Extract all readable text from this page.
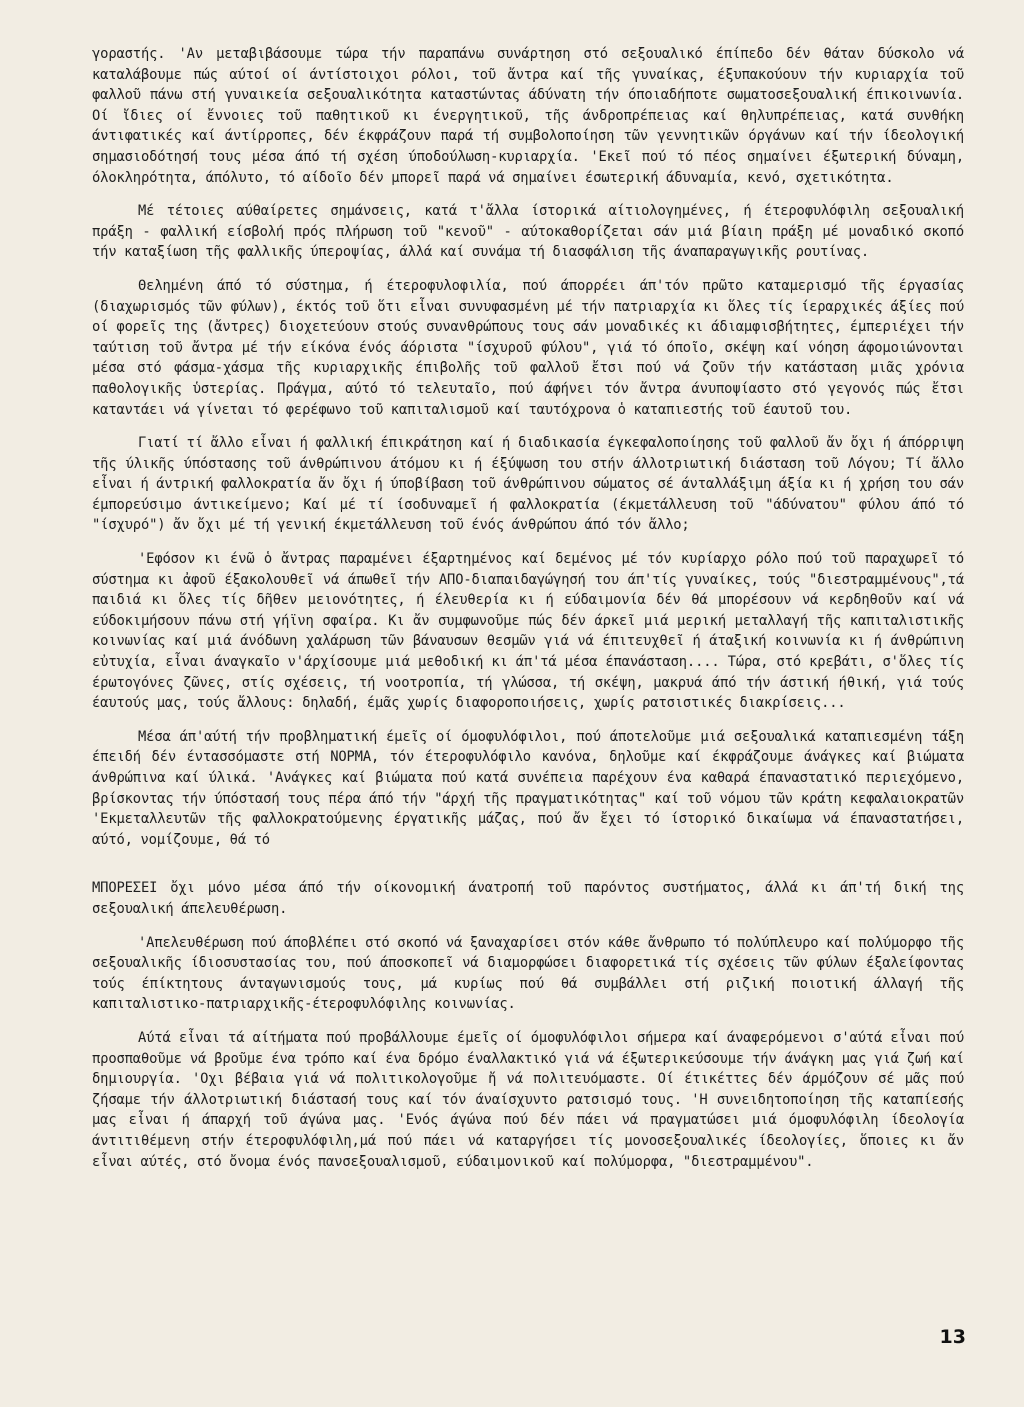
γοραστής. 'Αν μεταβιβάσουμε τώρα τήν παραπάνω συνάρτηση στό σεξουαλικό έπίπεδο δέν θάταν δύσκολο νά καταλάβουμε πώς αύτοί οί άντίστοιχοι ρόλοι, τοῦ ἄντρα καί τῆς γυναίκας, έξυπακούουν τήν κυριαρχία τοῦ φαλλοῦ πάνω στή γυναικεία σεξουαλικότητα καταστώντας άδύνατη τήν όποιαδήποτε σωματοσεξουαλική έπικοινωνία. Οί ἴδιες οί ἔννοιες τοῦ παθητικοῦ κι ένεργητικοῦ, τῆς άνδροπρέπειας καί θηλυπρέπειας, κατά συνθήκη άντιφατικές καί άντίρροπες, δέν έκφράζουν παρά τή συμβολοποίηση τῶν γεννητικῶν όργάνων καί τήν ίδεολογική σημασιοδότησή τους μέσα άπό τή σχέση ύποδούλωση-κυριαρχία. 'Εκεῖ πού τό πέος σημαίνει έξωτερική δύναμη, όλοκληρότητα, άπόλυτο, τό αίδοῖο δέν μπορεῖ παρά νά σημαίνει έσωτερική άδυναμία, κενό, σχετικότητα.

Μέ τέτοιες αύθαίρετες σημάνσεις, κατά τ'ἄλλα ίστορικά αίτιολογημένες, ή έτεροφυλόφιλη σεξουαλική πράξη - φαλλική είσβολή πρός πλήρωση τοῦ "κενοῦ" - αύτοκαθορίζεται σάν μιά βίαιη πράξη μέ μοναδικό σκοπό τήν καταξίωση τῆς φαλλικῆς ύπεροψίας, άλλά καί συνάμα τή διασφάλιση τῆς άναπαραγωγικῆς ρουτίνας.

Θελημένη άπό τό σύστημα, ή έτεροφυλοφιλία, πού άπορρέει άπ'τόν πρῶτο καταμερισμό τῆς έργασίας (διαχωρισμός τῶν φύλων), έκτός τοῦ ὅτι εἶναι συνυφασμένη μέ τήν πατριαρχία κι ὅλες τίς ίεραρχικές άξίες πού οί φορεῖς της (ἄντρες) διοχετεύουν στούς συνανθρώπους τους σάν μοναδικές κι άδιαμφισβήτητες, έμπεριέχει τήν ταύτιση τοῦ ἄντρα μέ τήν είκόνα ένός άόριστα "ίσχυροῦ φύλου", γιά τό όποῖο, σκέψη καί νόηση άφομοιώνονται μέσα στό φάσμα-χάσμα τῆς κυριαρχικῆς έπιβολῆς τοῦ φαλλοῦ ἔτσι πού νά ζοῦν τήν κατάσταση μιᾶς χρόνια παθολογικῆς ὑστερίας. Πράγμα, αύτό τό τελευταῖο, πού άφήνει τόν ἄντρα άνυποψίαστο στό γεγονός πώς ἔτσι καταντάει νά γίνεται τό φερέφωνο τοῦ καπιταλισμοῦ καί ταυτόχρονα ὁ καταπιεστής τοῦ έαυτοῦ του.

Γιατί τί ἄλλο εἶναι ή φαλλική έπικράτηση καί ή διαδικασία έγκεφαλοποίησης τοῦ φαλλοῦ ἄν ὄχι ή άπόρριψη τῆς ύλικῆς ύπόστασης τοῦ άνθρώπινου άτόμου κι ή έξύψωση του στήν άλλοτριωτική διάσταση τοῦ Λόγου; Τί ἄλλο εἶναι ή άντρική φαλλοκρατία ἄν ὄχι ή ύποβίβαση τοῦ άνθρώπινου σώματος σέ άνταλλάξιμη άξία κι ή χρήση του σάν έμπορεύσιμο άντικείμενο; Καί μέ τί ίσοδυναμεῖ ή φαλλοκρατία (έκμετάλλευση τοῦ "άδύνατου" φύλου άπό τό "ίσχυρό") ἄν ὄχι μέ τή γενική έκμετάλλευση τοῦ ένός άνθρώπου άπό τόν ἄλλο;

'Εφόσον κι ένῶ ὁ ἄντρας παραμένει έξαρτημένος καί δεμένος μέ τόν κυρίαρχο ρόλο πού τοῦ παραχωρεῖ τό σύστημα κι ἀφοῦ έξακολουθεῖ νά άπωθεῖ τήν ΑΠΟ-διαπαιδαγώγησή του άπ'τίς γυναίκες, τούς "διεστραμμένους",τά παιδιά κι ὅλες τίς δῆθεν μειονότητες, ή έλευθερία κι ή εύδαιμονία δέν θά μπορέσουν νά κερδηθοῦν καί νά εύδοκιμήσουν πάνω στή γήϊνη σφαίρα. Κι ἄν συμφωνοῦμε πώς δέν άρκεῖ μιά μερική μεταλλαγή τῆς καπιταλιστικῆς κοινωνίας καί μιά άνόδωνη χαλάρωση τῶν βάναυσων θεσμῶν γιά νά έπιτευχθεῖ ή άταξική κοινωνία κι ή άνθρώπινη εὐτυχία, εἶναι άναγκαῖο ν'άρχίσουμε μιά μεθοδική κι άπ'τά μέσα έπανάσταση.... Τώρα, στό κρεβάτι, σ'ὅλες τίς έρωτογόνες ζῶνες, στίς σχέσεις, τή νοοτροπία, τή γλώσσα, τή σκέψη, μακρυά άπό τήν άστική ήθική, γιά τούς έαυτούς μας, τούς ἄλλους: δηλαδή, έμᾶς χωρίς διαφοροποιήσεις, χωρίς ρατσιστικές διακρίσεις...

Μέσα άπ'αύτή τήν προβληματική έμεῖς οί όμοφυλόφιλοι, πού άποτελοῦμε μιά σεξουαλικά καταπιεσμένη τάξη έπειδή δέν έντασσόμαστε στή ΝΟΡΜΑ, τόν έτεροφυλόφιλο κανόνα, δηλοῦμε καί έκφράζουμε άνάγκες καί βιώματα άνθρώπινα καί ύλικά. 'Ανάγκες καί βιώματα πού κατά συνέπεια παρέχουν ένα καθαρά έπαναστατικό περιεχόμενο, βρίσκοντας τήν ύπόστασή τους πέρα άπό τήν "άρχή τῆς πραγματικότητας" καί τοῦ νόμου τῶν κράτη κεφαλαιοκρατῶν 'Εκμεταλλευτῶν τῆς φαλλοκρατούμενης έργατικῆς μάζας, πού ἄν ἔχει τό ίστορικό δικαίωμα νά έπαναστατήσει, αύτό, νομίζουμε, θά τό

ΜΠΟΡΕΣΕΙ ὄχι μόνο μέσα άπό τήν οίκονομική άνατροπή τοῦ παρόντος συστήματος, άλλά κι άπ'τή δική της σεξουαλική άπελευθέρωση.

'Απελευθέρωση πού άποβλέπει στό σκοπό νά ξαναχαρίσει στόν κάθε ἄνθρωπο τό πολύπλευρο καί πολύμορφο τῆς σεξουαλικῆς ίδιοσυστασίας του, πού άποσκοπεῖ νά διαμορφώσει διαφορετικά τίς σχέσεις τῶν φύλων έξαλείφοντας τούς έπίκτητους άνταγωνισμούς τους, μά κυρίως πού θά συμβάλλει στή ριζική ποιοτική άλλαγή τῆς καπιταλιστικο-πατριαρχικῆς-έτεροφυλόφιλης κοινωνίας.

Αύτά εἶναι τά αίτήματα πού προβάλλουμε έμεῖς οί όμοφυλόφιλοι σήμερα καί άναφερόμενοι σ'αύτά εἶναι πού προσπαθοῦμε νά βροῦμε ένα τρόπο καί ένα δρόμο έναλλακτικό γιά νά έξωτερικεύσουμε τήν άνάγκη μας γιά ζωή καί δημιουργία. 'Οχι βέβαια γιά νά πολιτικολογοῦμε ἤ νά πολιτευόμαστε. Οί έτικέττες δέν άρμόζουν σέ μᾶς πού ζήσαμε τήν άλλοτριωτική διάστασή τους καί τόν άναίσχυντο ρατσισμό τους. 'Η συνειδητοποίηση τῆς καταπίεσής μας εἶναι ή άπαρχή τοῦ άγώνα μας. 'Ενός άγώνα πού δέν πάει νά πραγματώσει μιά όμοφυλόφιλη ίδεολογία άντιτιθέμενη στήν έτεροφυλόφιλη,μά πού πάει νά καταργήσει τίς μονοσεξουαλικές ίδεολογίες, ὅποιες κι ἄν εἶναι αύτές, στό ὄνομα ένός πανσεξουαλισμοῦ, εύδαιμονικοῦ καί πολύμορφα, "διεστραμμένου".

13
